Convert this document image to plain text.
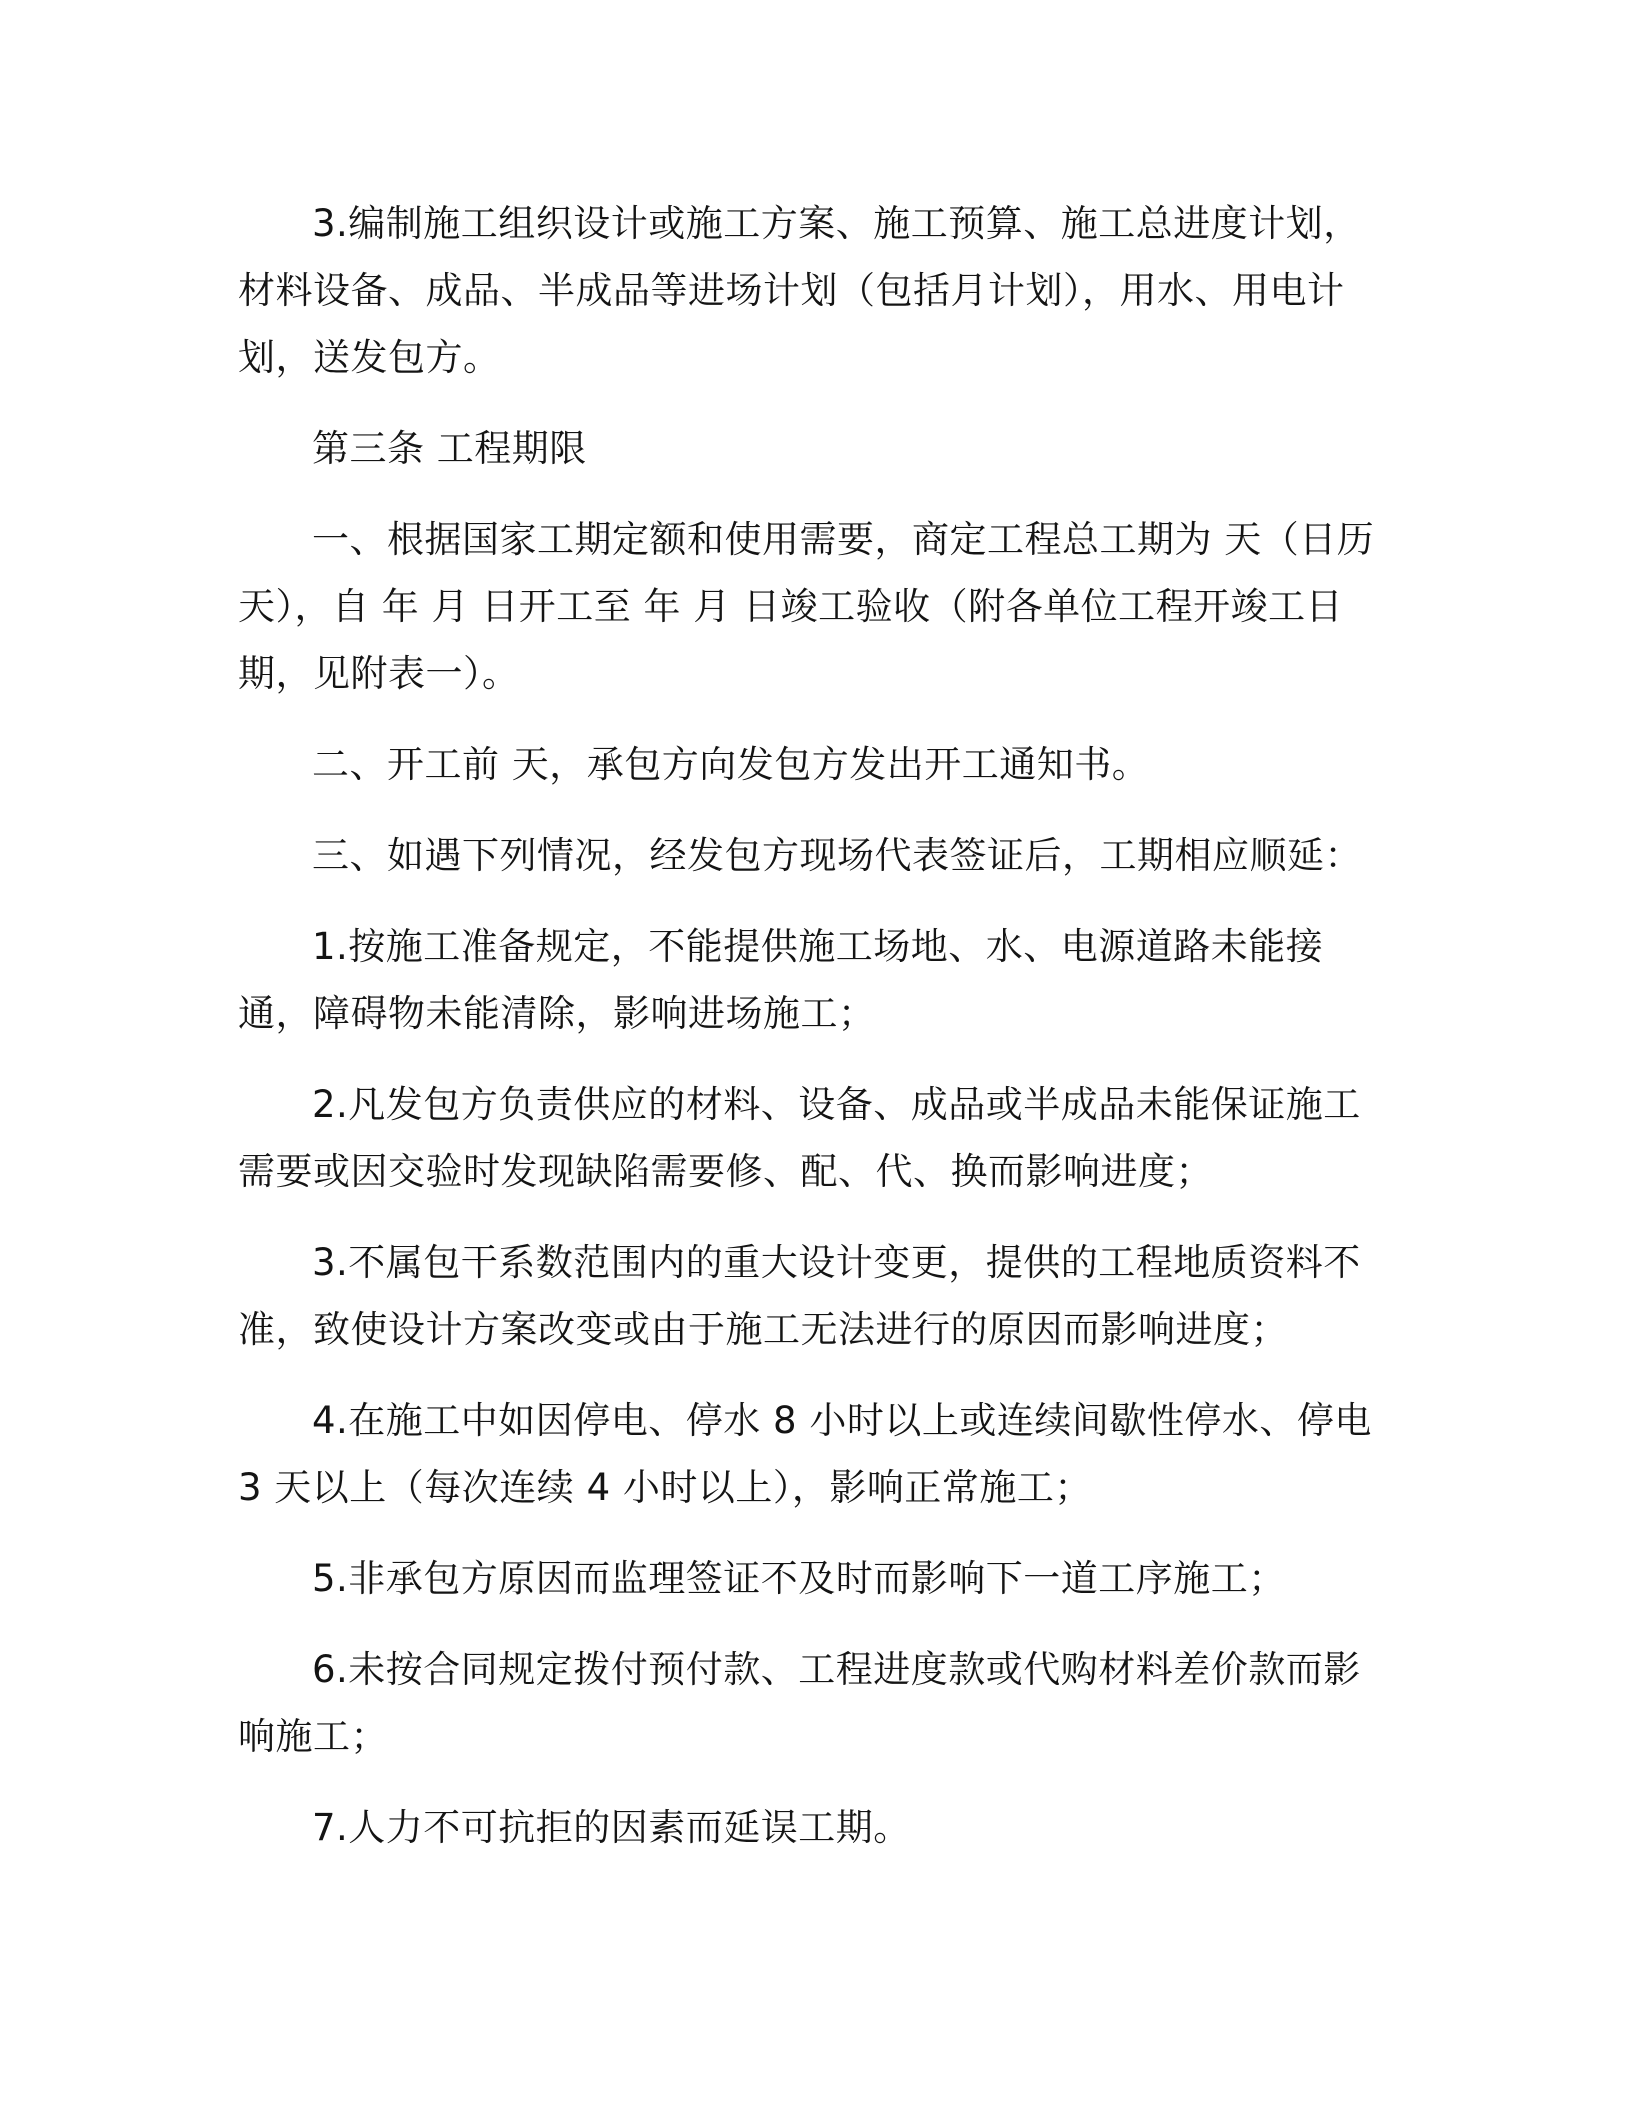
3.编制施工组织设计或施工方案、施工预算、施工总进度计划，材料设备、成品、半成品等进场计划（包括月计划），用水、用电计划，送发包方。

第三条 工程期限

一、根据国家工期定额和使用需要，商定工程总工期为 天（日历天），自 年 月 日开工至 年 月 日竣工验收（附各单位工程开竣工日期，见附表一）。

二、开工前 天，承包方向发包方发出开工通知书。

三、如遇下列情况，经发包方现场代表签证后，工期相应顺延：

1.按施工准备规定，不能提供施工场地、水、电源道路未能接通，障碍物未能清除，影响进场施工；

2.凡发包方负责供应的材料、设备、成品或半成品未能保证施工需要或因交验时发现缺陷需要修、配、代、换而影响进度；

3.不属包干系数范围内的重大设计变更，提供的工程地质资料不准，致使设计方案改变或由于施工无法进行的原因而影响进度；

4.在施工中如因停电、停水 8 小时以上或连续间歇性停水、停电 3 天以上（每次连续 4 小时以上），影响正常施工；

5.非承包方原因而监理签证不及时而影响下一道工序施工；

6.未按合同规定拨付预付款、工程进度款或代购材料差价款而影响施工；

7.人力不可抗拒的因素而延误工期。
